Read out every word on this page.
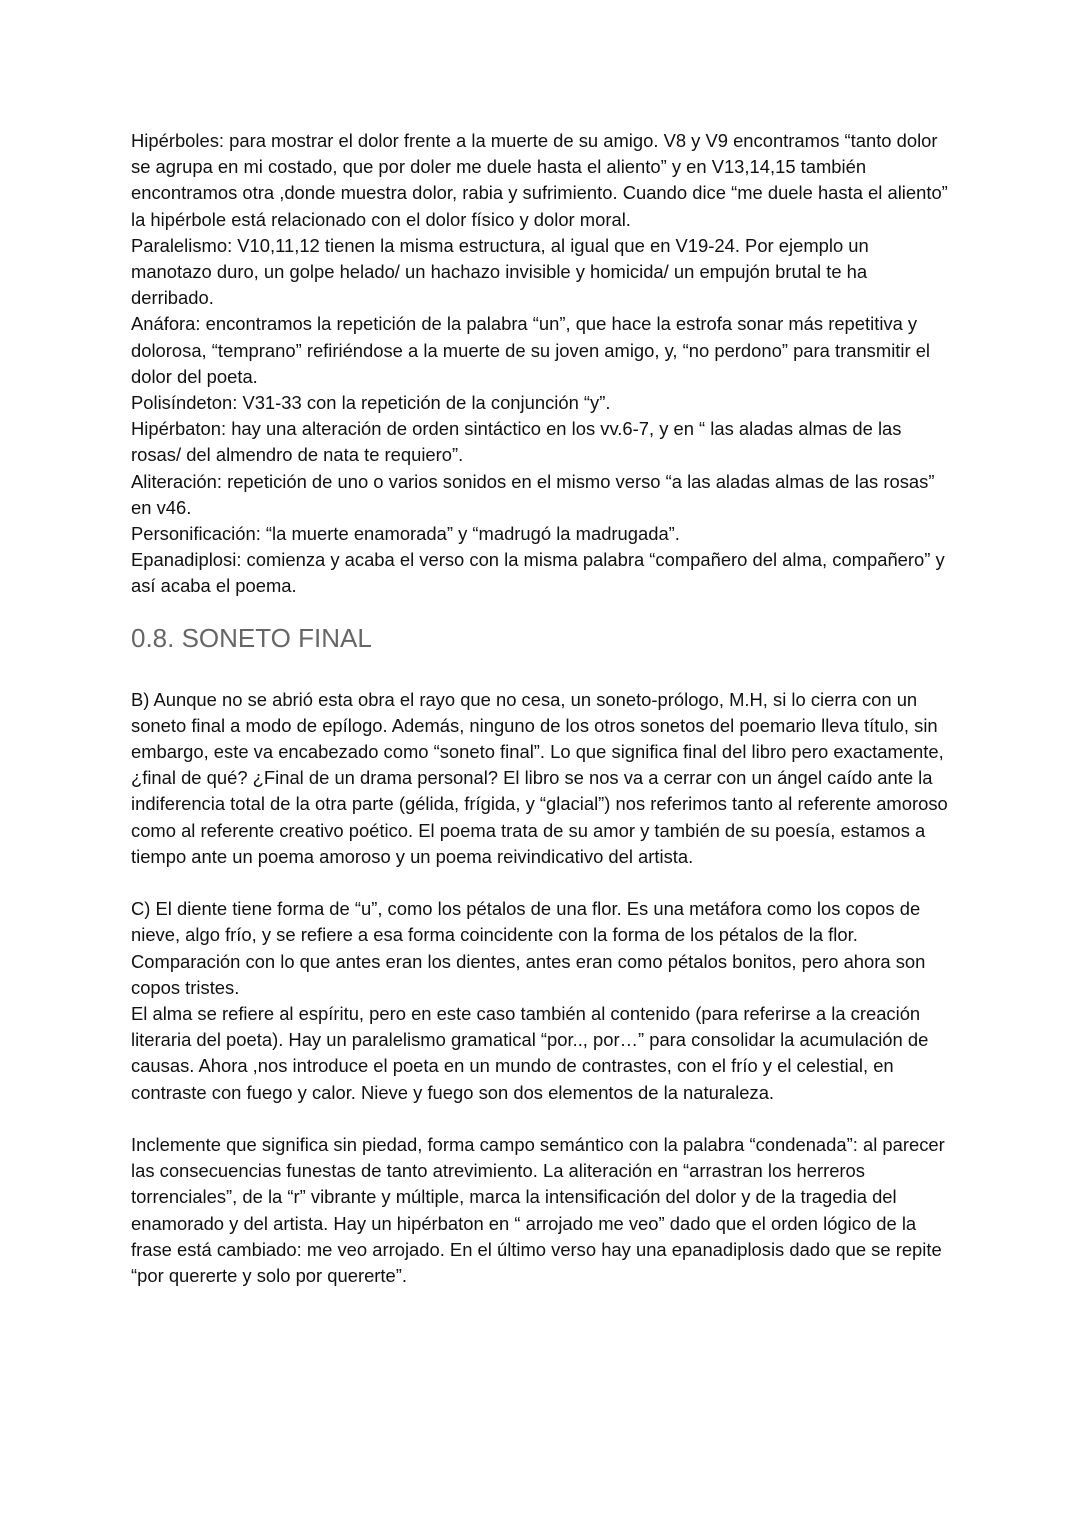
Hipérboles: para mostrar el dolor frente a la muerte de su amigo. V8 y V9 encontramos “tanto dolor se agrupa en mi costado, que por doler me duele hasta el aliento” y en V13,14,15 también encontramos otra ,donde muestra dolor, rabia y sufrimiento. Cuando dice “me duele hasta el aliento” la hipérbole está relacionado con el dolor físico y dolor moral.

Paralelismo: V10,11,12 tienen la misma estructura, al igual que en V19-24. Por ejemplo un manotazo duro, un golpe helado/ un hachazo invisible y homicida/ un empujón brutal te ha derribado.

Anáfora: encontramos la repetición de la palabra “un”, que hace la estrofa sonar más repetitiva y dolorosa, “temprano” refiriéndose a la muerte de su joven amigo, y, “no perdono” para transmitir el dolor del poeta.

Polisíndeton: V31-33 con la repetición de la conjunción “y”.

Hipérbaton: hay una alteración de orden sintáctico en los vv.6-7, y en “ las aladas almas de las rosas/ del almendro de nata te requiero”.

Aliteración: repetición de uno o varios sonidos en el mismo verso “a las aladas almas de las rosas” en v46.

Personificación: “la muerte enamorada” y “madrugó la madrugada”.

Epanadiplosi: comienza y acaba el verso con la misma palabra “compañero del alma, compañero” y así acaba el poema.

0.8. SONETO FINAL

B) Aunque no se abrió esta obra el rayo que no cesa, un soneto-prólogo, M.H, si lo cierra con un soneto final a modo de epílogo. Además, ninguno de los otros sonetos del poemario lleva título, sin embargo, este va encabezado como “soneto final”. Lo que significa final del libro pero exactamente, ¿final de qué? ¿Final de un drama personal? El libro se nos va a cerrar con un ángel caído ante la indiferencia total de la otra parte (gélida, frígida, y “glacial”) nos referimos tanto al referente amoroso como al referente creativo poético. El poema trata de su amor y también de su poesía, estamos a tiempo ante un poema amoroso y un poema reivindicativo del artista.

C) El diente tiene forma de “u”, como los pétalos de una flor. Es una metáfora como los copos de nieve, algo frío, y se refiere a esa forma coincidente con la forma de los pétalos de la flor. Comparación con lo que antes eran los dientes, antes eran como pétalos bonitos, pero ahora son copos tristes.

El alma se refiere al espíritu, pero en este caso también al contenido (para referirse a la creación literaria del poeta). Hay un paralelismo gramatical “por.., por…” para consolidar la acumulación de causas. Ahora ,nos introduce el poeta en un mundo de contrastes, con el frío y el celestial, en contraste con fuego y calor. Nieve y fuego son dos elementos de la naturaleza.

Inclemente que significa sin piedad, forma campo semántico con la palabra “condenada”: al parecer las consecuencias funestas de tanto atrevimiento. La aliteración en “arrastran los herreros torrenciales”, de la “r” vibrante y múltiple, marca la intensificación del dolor y de la tragedia del enamorado y del artista. Hay un hipérbaton en “ arrojado me veo” dado que el orden lógico de la frase está cambiado: me veo arrojado. En el último verso hay una epanadiplosis dado que se repite “por quererte y solo por quererte”.
